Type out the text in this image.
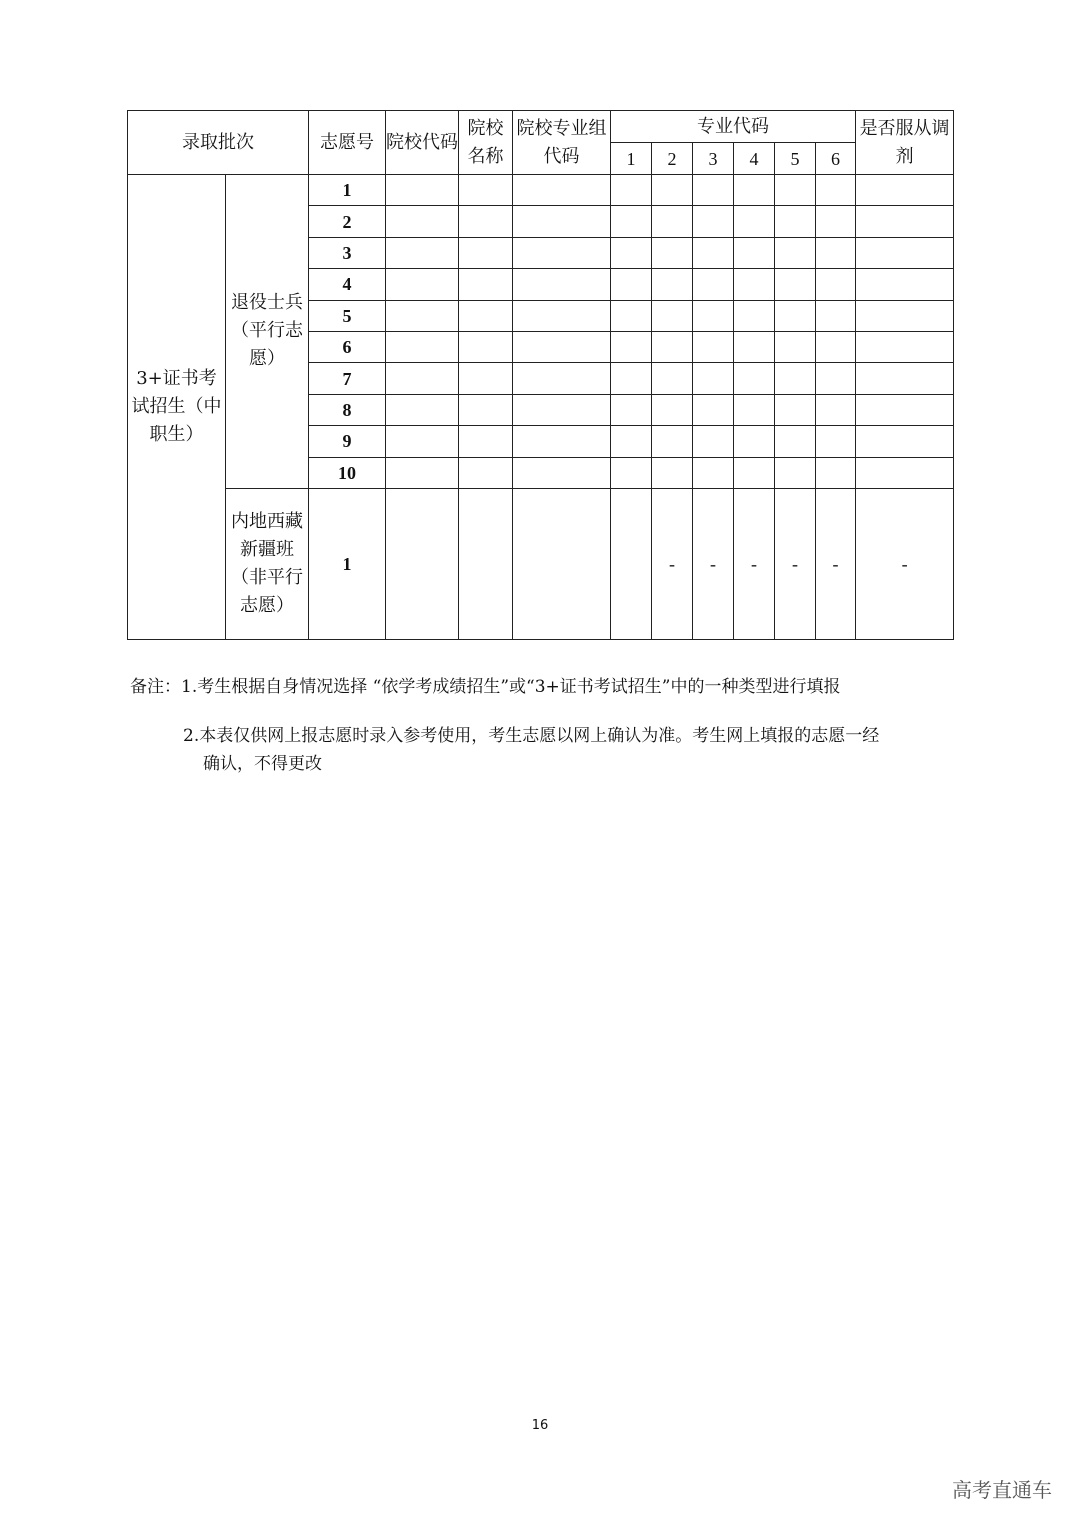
录取批次		志愿号	院校代码	院校名称	院校专业组代码	专业代码						是否服从调剂
						1	2	3	4	5	6	
3+证书考试招生（中职生）	退役士兵（平行志愿）	1										
		2										
		3										
		4										
		5										
		6										
		7										
		8										
		9										
		10										
	内地西藏新疆班（非平行志愿）	1					-	-	-	-	-	-
备注：1.考生根据自身情况选择 “依学考成绩招生”或“3+证书考试招生”中的一种类型进行填报
2.本表仅供网上报志愿时录入参考使用，考生志愿以网上确认为准。考生网上填报的志愿一经
确认，不得更改
16
高考直通车
